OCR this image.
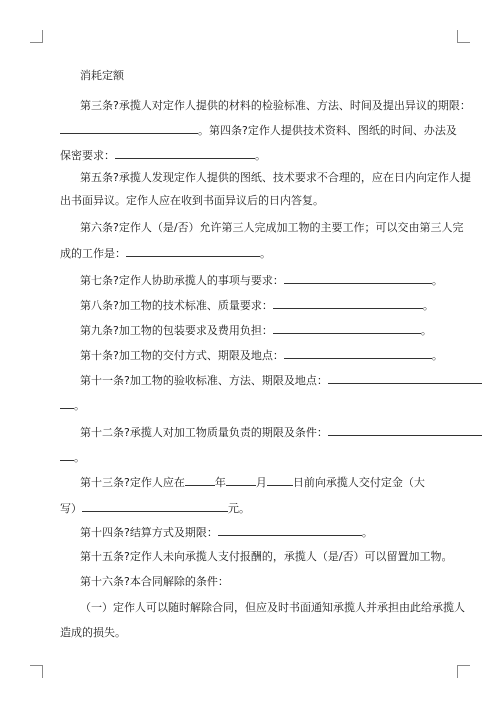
消耗定额
第三条?承揽人对定作人提供的材料的检验标准、方法、时间及提出异议的期限：
。第四条?定作人提供技术资料、图纸的时间、办法及
保密要求：	。
第五条?承揽人发现定作人提供的图纸、技术要求不合理的，应在日内向定作人提
出书面异议。定作人应在收到书面异议后的日内答复。
第六条?定作人（是/否）允许第三人完成加工物的主要工作；可以交由第三人完
成的工作是：	。
第七条?定作人协助承揽人的事项与要求：	。
第八条?加工物的技术标准、质量要求：	。
第九条?加工物的包装要求及费用负担：	。
第十条?加工物的交付方式、期限及地点：	。
第十一条?加工物的验收标准、方法、期限及地点：
。
第十二条?承揽人对加工物质量负责的期限及条件：
。
第十三条?定作人应在	年	月 日前向承揽人交付定金（大
写）	元。
第十四条?结算方式及期限：	。
第十五条?定作人未向承揽人支付报酬的，承揽人（是/否）可以留置加工物。
第十六条?本合同解除的条件：
（一）定作人可以随时解除合同，但应及时书面通知承揽人并承担由此给承揽人
造成的损失。
